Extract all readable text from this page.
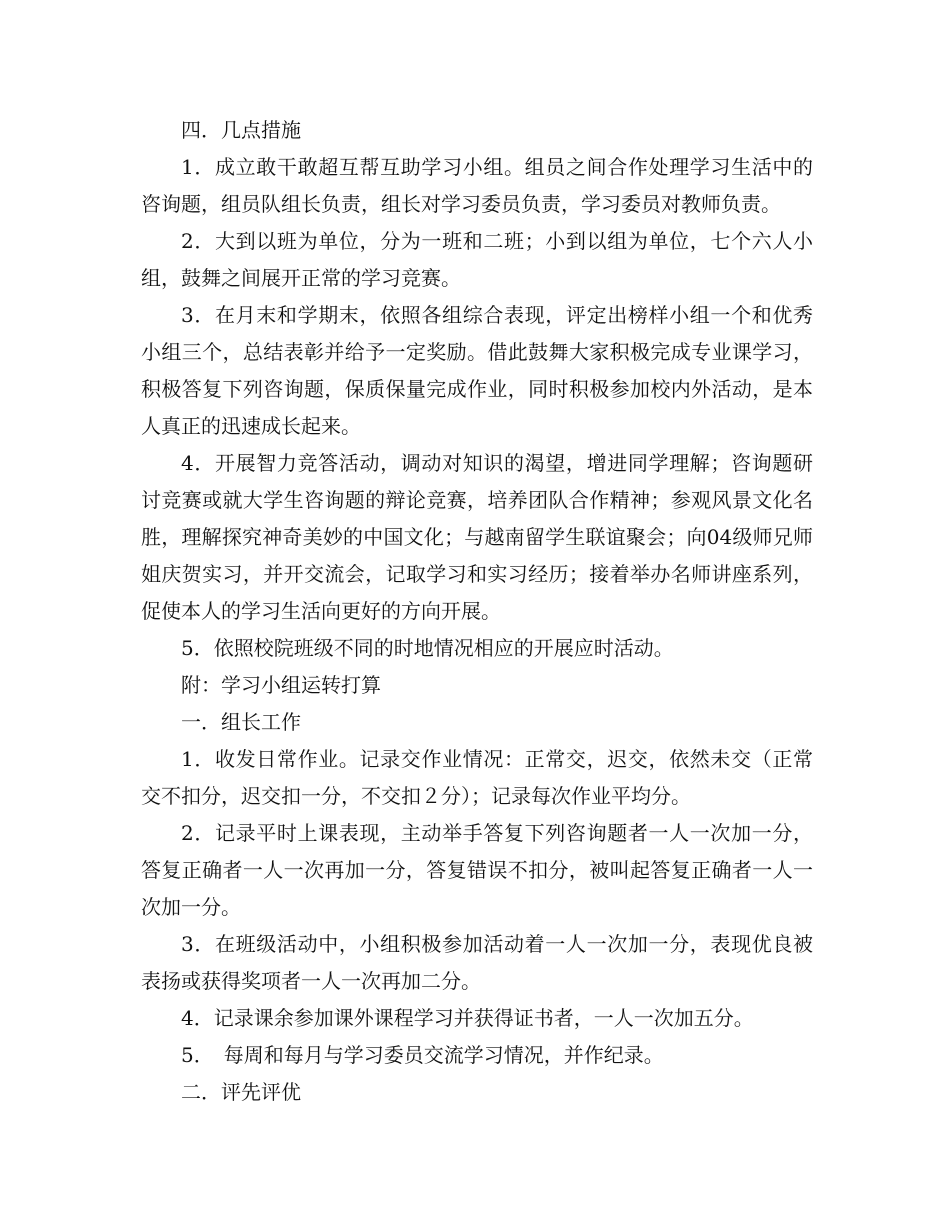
四．几点措施

1．成立敢干敢超互帮互助学习小组。组员之间合作处理学习生活中的咨询题，组员队组长负责，组长对学习委员负责，学习委员对教师负责。

2．大到以班为单位，分为一班和二班；小到以组为单位，七个六人小组，鼓舞之间展开正常的学习竞赛。

3．在月末和学期末，依照各组综合表现，评定出榜样小组一个和优秀小组三个，总结表彰并给予一定奖励。借此鼓舞大家积极完成专业课学习，积极答复下列咨询题，保质保量完成作业，同时积极参加校内外活动，是本人真正的迅速成长起来。

4．开展智力竞答活动，调动对知识的渴望，增进同学理解；咨询题研讨竞赛或就大学生咨询题的辩论竞赛，培养团队合作精神；参观风景文化名胜，理解探究神奇美妙的中国文化；与越南留学生联谊聚会；向04级师兄师姐庆贺实习，并开交流会，记取学习和实习经历；接着举办名师讲座系列，促使本人的学习生活向更好的方向开展。

5．依照校院班级不同的时地情况相应的开展应时活动。

附：学习小组运转打算

一．组长工作

1．收发日常作业。记录交作业情况：正常交，迟交，依然未交（正常交不扣分，迟交扣一分，不交扣２分）；记录每次作业平均分。

2．记录平时上课表现，主动举手答复下列咨询题者一人一次加一分，答复正确者一人一次再加一分，答复错误不扣分，被叫起答复正确者一人一次加一分。

3．在班级活动中，小组积极参加活动着一人一次加一分，表现优良被表扬或获得奖项者一人一次再加二分。

4．记录课余参加课外课程学习并获得证书者，一人一次加五分。

5．　每周和每月与学习委员交流学习情况，并作纪录。

二．评先评优
